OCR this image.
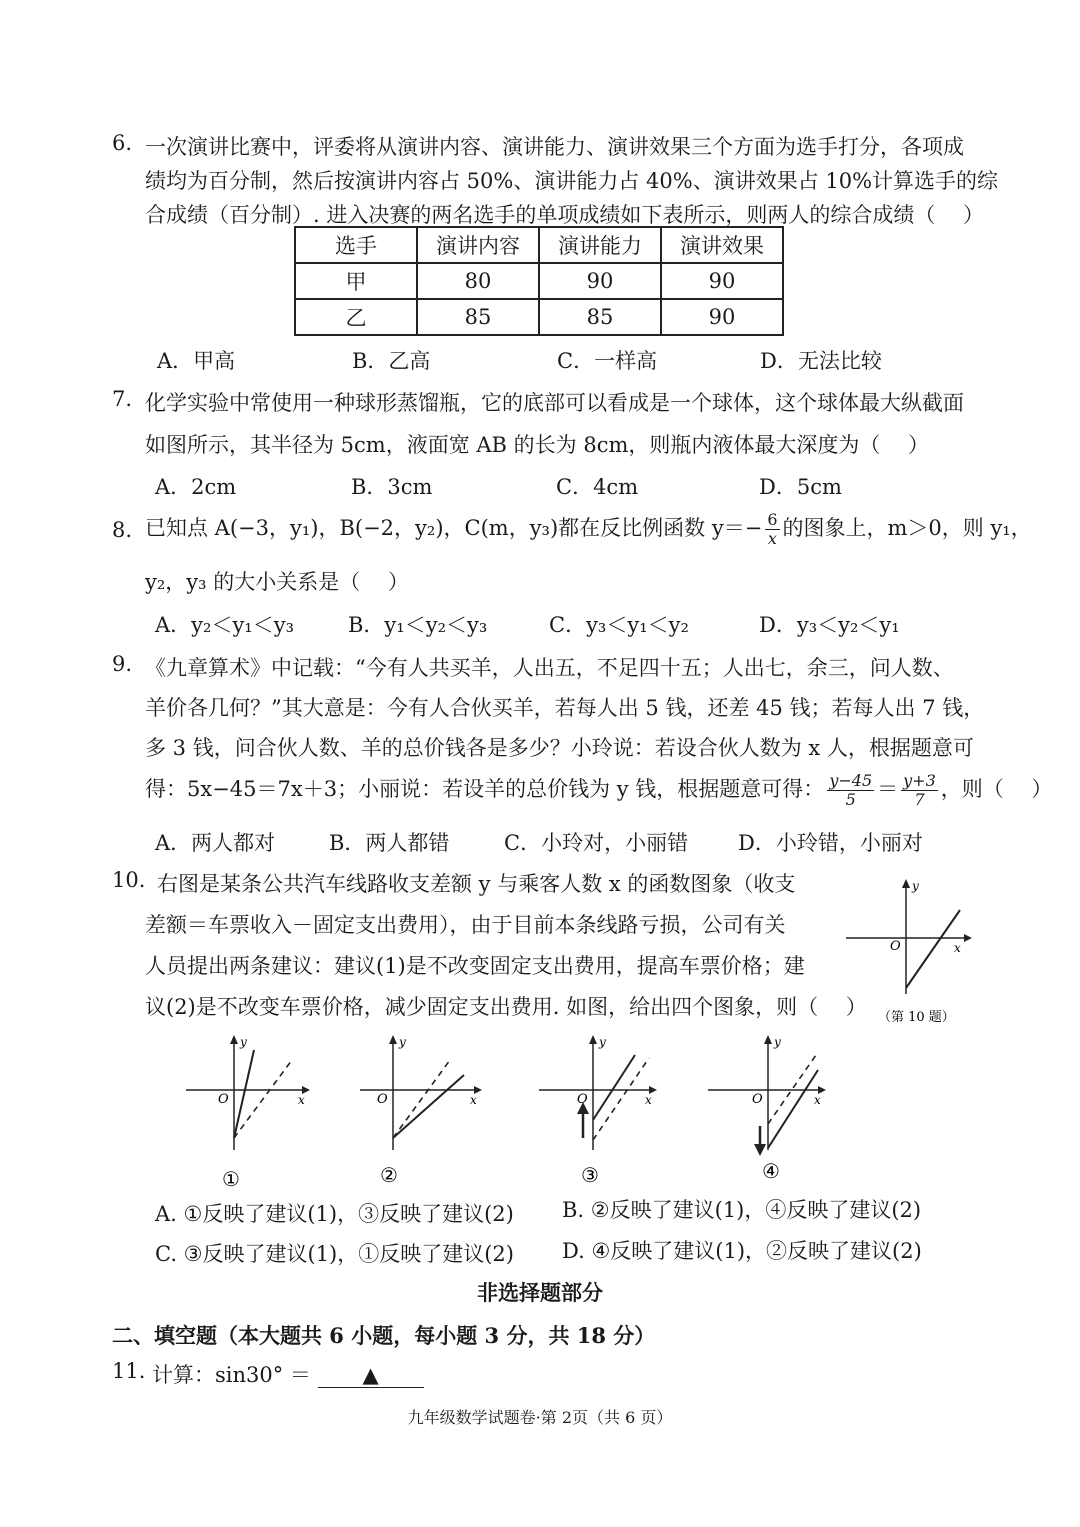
6. 一次演讲比赛中，评委将从演讲内容、演讲能力、演讲效果三个方面为选手打分，各项成
绩均为百分制，然后按演讲内容占 50%、演讲能力占 40%、演讲效果占 10%计算选手的综
合成绩（百分制）. 进入决赛的两名选手的单项成绩如下表所示，则两人的综合成绩（　 ）
选手	演讲内容	演讲能力	演讲效果
甲	80	90	90
乙	85	85	90
A．甲高	B．乙高	C．一样高	D．无法比较
7. 化学实验中常使用一种球形蒸馏瓶，它的底部可以看成是一个球体，这个球体最大纵截面
如图所示，其半径为 5cm，液面宽 AB 的长为 8cm，则瓶内液体最大深度为（　 ）
A．2cm	B．3cm	C．4cm	D．5cm
8. 已知点 A(−3，y₁)，B(−2，y₂)，C(m，y₃)都在反比例函数 $y=- \frac{6}{x}$ 的图象上，m＞0，则 y₁，
y₂，y₃ 的大小关系是（　 ）
A．y₂＜y₁＜y₃	B．y₁＜y₂＜y₃	C．y₃＜y₁＜y₂	D．y₃＜y₂＜y₁
9. 《九章算术》中记载：“今有人共买羊，人出五，不足四十五；人出七，余三，问人数、
羊价各几何？”其大意是：今有人合伙买羊，若每人出 5 钱，还差 45 钱；若每人出 7 钱，
多 3 钱，问合伙人数、羊的总价钱各是多少？小玲说：若设合伙人数为 x 人，根据题意可
得：5x−45＝7x＋3；小丽说：若设羊的总价钱为 y 钱，根据题意可得： $\frac{y-45}{5} = \frac{y+3}{7}$ ，则（　 ）
A．两人都对	B．两人都错	C．小玲对，小丽错 D．小玲错，小丽对
10. 右图是某条公共汽车线路收支差额 y 与乘客人数 x 的函数图象（收支
差额＝车票收入－固定支出费用），由于目前本条线路亏损，公司有关
人员提出两条建议：建议(1)是不改变固定支出费用，提高车票价格；建
议(2)是不改变车票价格，减少固定支出费用. 如图，给出四个图象，则（　 ）
y
x
O
（第 10 题）
y
x
O
①
y
x
O
②
y
x
O
③
y
x
O
④
A. ①反映了建议(1)，③反映了建议(2) B. ②反映了建议(1)，④反映了建议(2)
C. ③反映了建议(1)，①反映了建议(2) D. ④反映了建议(1)，②反映了建议(2)
非选择题部分
二、填空题（本大题共 6 小题，每小题 3 分，共 18 分）
11. 计算：sin30° ＝ ▲
九年级数学试题卷·第 2页（共 6 页）
